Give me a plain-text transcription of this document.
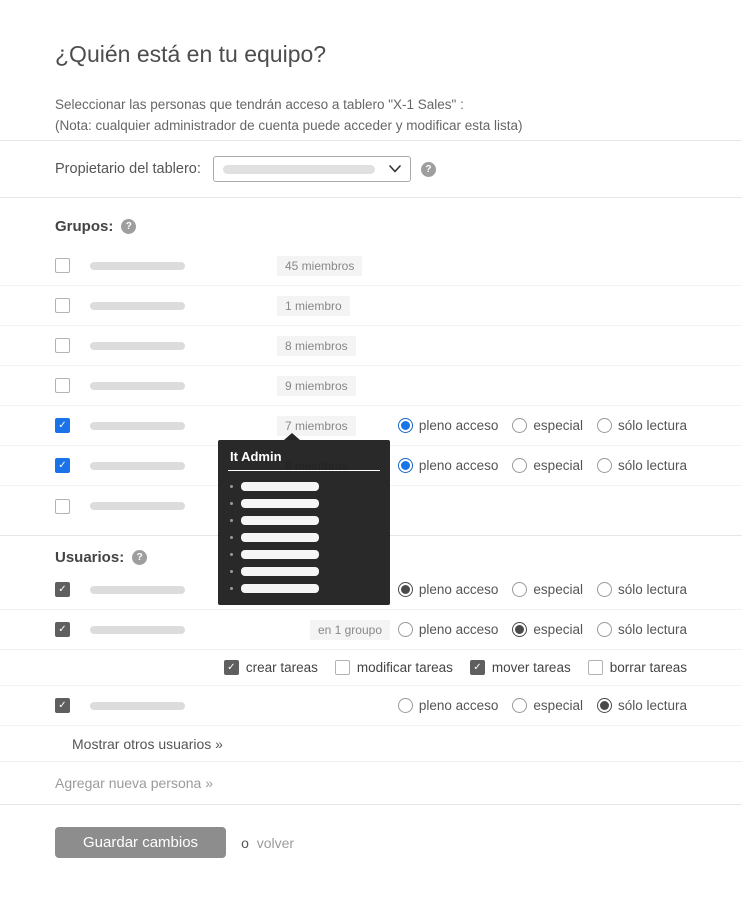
¿Quién está en tu equipo?

Seleccionar las personas que tendrán acceso a tablero "X-1 Sales" :
(Nota: cualquier administrador de cuenta puede acceder y modificar esta lista)

Propietario del tablero:	?
Grupos:	?
45 miembros
1 miembro
8 miembros
9 miembros
✓	7 miembros	pleno acceso	especial	sólo lectura
✓	pleno acceso	especial	sólo lectura
Usuarios:	?
✓	pleno acceso	especial	sólo lectura
✓	en 1 groupo	pleno acceso	especial	sólo lectura
✓ crear tareas	modificar tareas	✓ mover tareas	borrar tareas
✓	pleno acceso	especial	sólo lectura
Mostrar otros usuarios »
Agregar nueva persona »
Guardar cambios	o volver
It Admin
